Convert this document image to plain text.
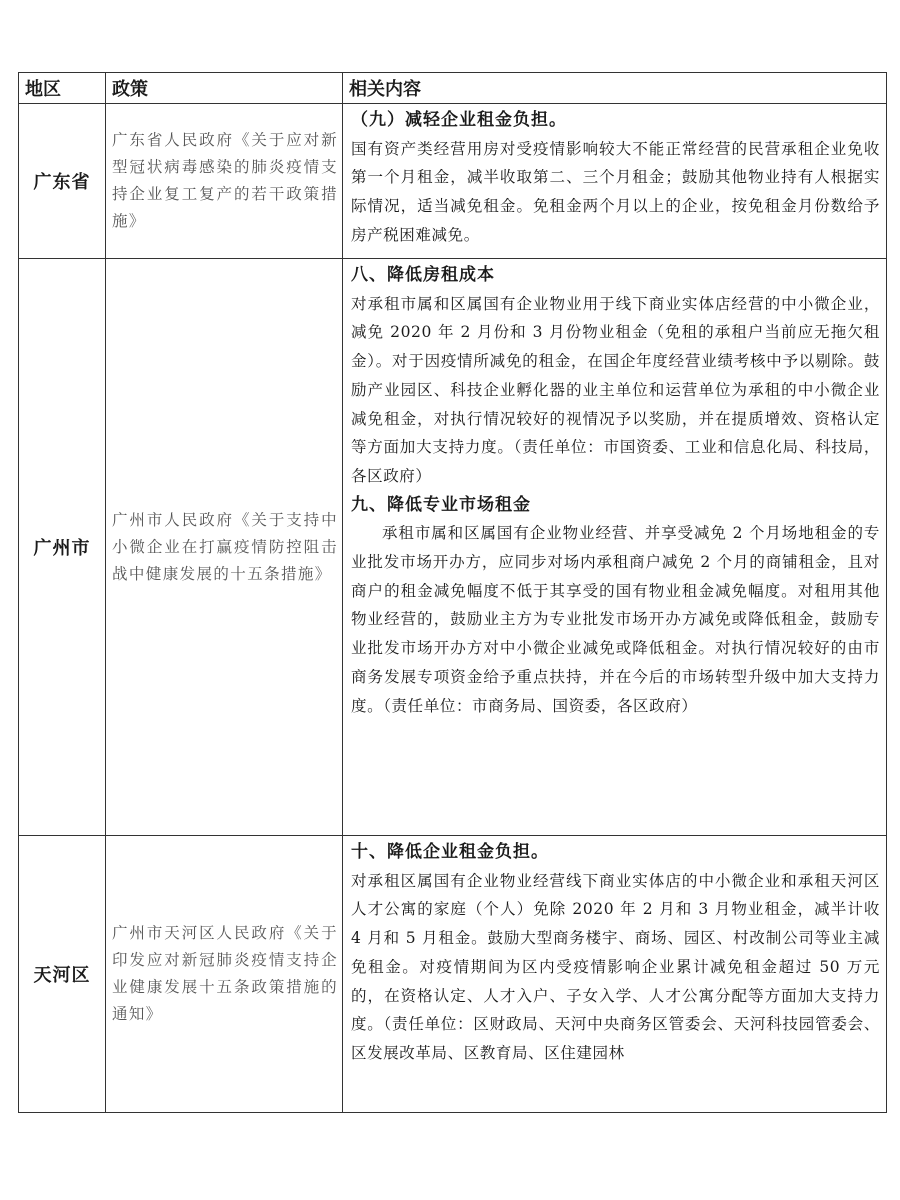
地区	政策	相关内容
广东省	广东省人民政府《关于应对新型冠状病毒感染的肺炎疫情支持企业复工复产的若干政策措施》	（九）减轻企业租金负担。

国有资产类经营用房对受疫情影响较大不能正常经营的民营承租企业免收第一个月租金，减半收取第二、三个月租金；鼓励其他物业持有人根据实际情况，适当减免租金。免租金两个月以上的企业，按免租金月份数给予房产税困难减免。

广州市	广州市人民政府《关于支持中小微企业在打赢疫情防控阻击战中健康发展的十五条措施》	八、降低房租成本

对承租市属和区属国有企业物业用于线下商业实体店经营的中小微企业，减免 2020 年 2 月份和 3 月份物业租金（免租的承租户当前应无拖欠租金）。对于因疫情所减免的租金，在国企年度经营业绩考核中予以剔除。鼓励产业园区、科技企业孵化器的业主单位和运营单位为承租的中小微企业减免租金，对执行情况较好的视情况予以奖励，并在提质增效、资格认定等方面加大支持力度。（责任单位：市国资委、工业和信息化局、科技局，各区政府）

九、降低专业市场租金

承租市属和区属国有企业物业经营、并享受减免 2 个月场地租金的专业批发市场开办方，应同步对场内承租商户减免 2 个月的商铺租金，且对商户的租金减免幅度不低于其享受的国有物业租金减免幅度。对租用其他物业经营的，鼓励业主方为专业批发市场开办方减免或降低租金，鼓励专业批发市场开办方对中小微企业减免或降低租金。对执行情况较好的由市商务发展专项资金给予重点扶持，并在今后的市场转型升级中加大支持力度。（责任单位：市商务局、国资委，各区政府）

天河区	广州市天河区人民政府《关于印发应对新冠肺炎疫情支持企业健康发展十五条政策措施的通知》	十、降低企业租金负担。

对承租区属国有企业物业经营线下商业实体店的中小微企业和承租天河区人才公寓的家庭（个人）免除 2020 年 2 月和 3 月物业租金，减半计收 4 月和 5 月租金。鼓励大型商务楼宇、商场、园区、村改制公司等业主减免租金。对疫情期间为区内受疫情影响企业累计减免租金超过 50 万元的，在资格认定、人才入户、子女入学、人才公寓分配等方面加大支持力度。（责任单位：区财政局、天河中央商务区管委会、天河科技园管委会、区发展改革局、区教育局、区住建园林
